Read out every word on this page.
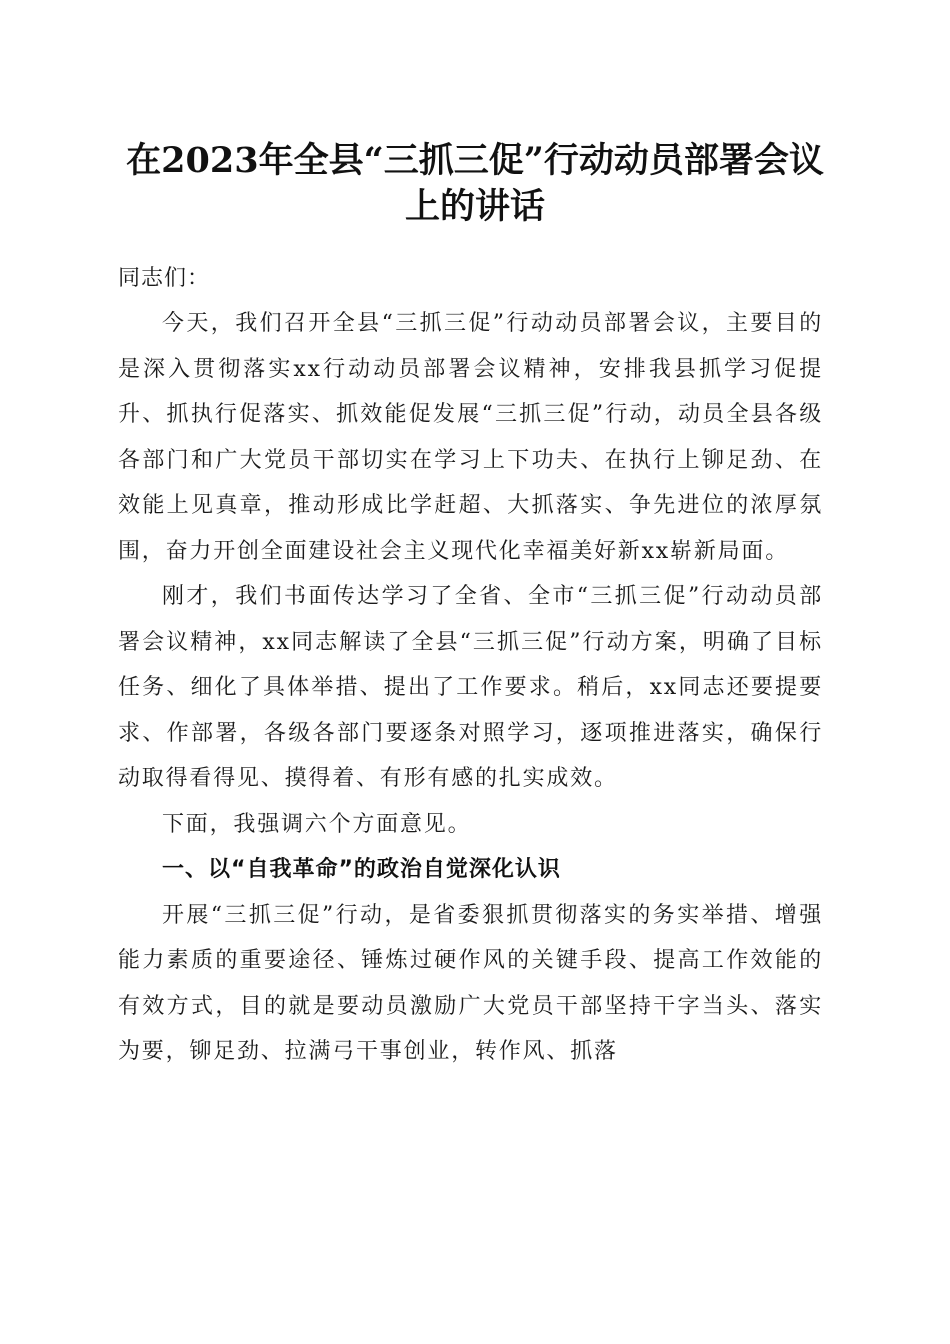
在2023年全县“三抓三促”行动动员部署会议上的讲话

同志们：

今天，我们召开全县“三抓三促”行动动员部署会议，主要目的是深入贯彻落实xx行动动员部署会议精神，安排我县抓学习促提升、抓执行促落实、抓效能促发展“三抓三促”行动，动员全县各级各部门和广大党员干部切实在学习上下功夫、在执行上铆足劲、在效能上见真章，推动形成比学赶超、大抓落实、争先进位的浓厚氛围，奋力开创全面建设社会主义现代化幸福美好新xx崭新局面。

刚才，我们书面传达学习了全省、全市“三抓三促”行动动员部署会议精神，xx同志解读了全县“三抓三促”行动方案，明确了目标任务、细化了具体举措、提出了工作要求。稍后，xx同志还要提要求、作部署，各级各部门要逐条对照学习，逐项推进落实，确保行动取得看得见、摸得着、有形有感的扎实成效。

下面，我强调六个方面意见。

一、以“自我革命”的政治自觉深化认识

开展“三抓三促”行动，是省委狠抓贯彻落实的务实举措、增强能力素质的重要途径、锤炼过硬作风的关键手段、提高工作效能的有效方式，目的就是要动员激励广大党员干部坚持干字当头、落实为要，铆足劲、拉满弓干事创业，转作风、抓落
